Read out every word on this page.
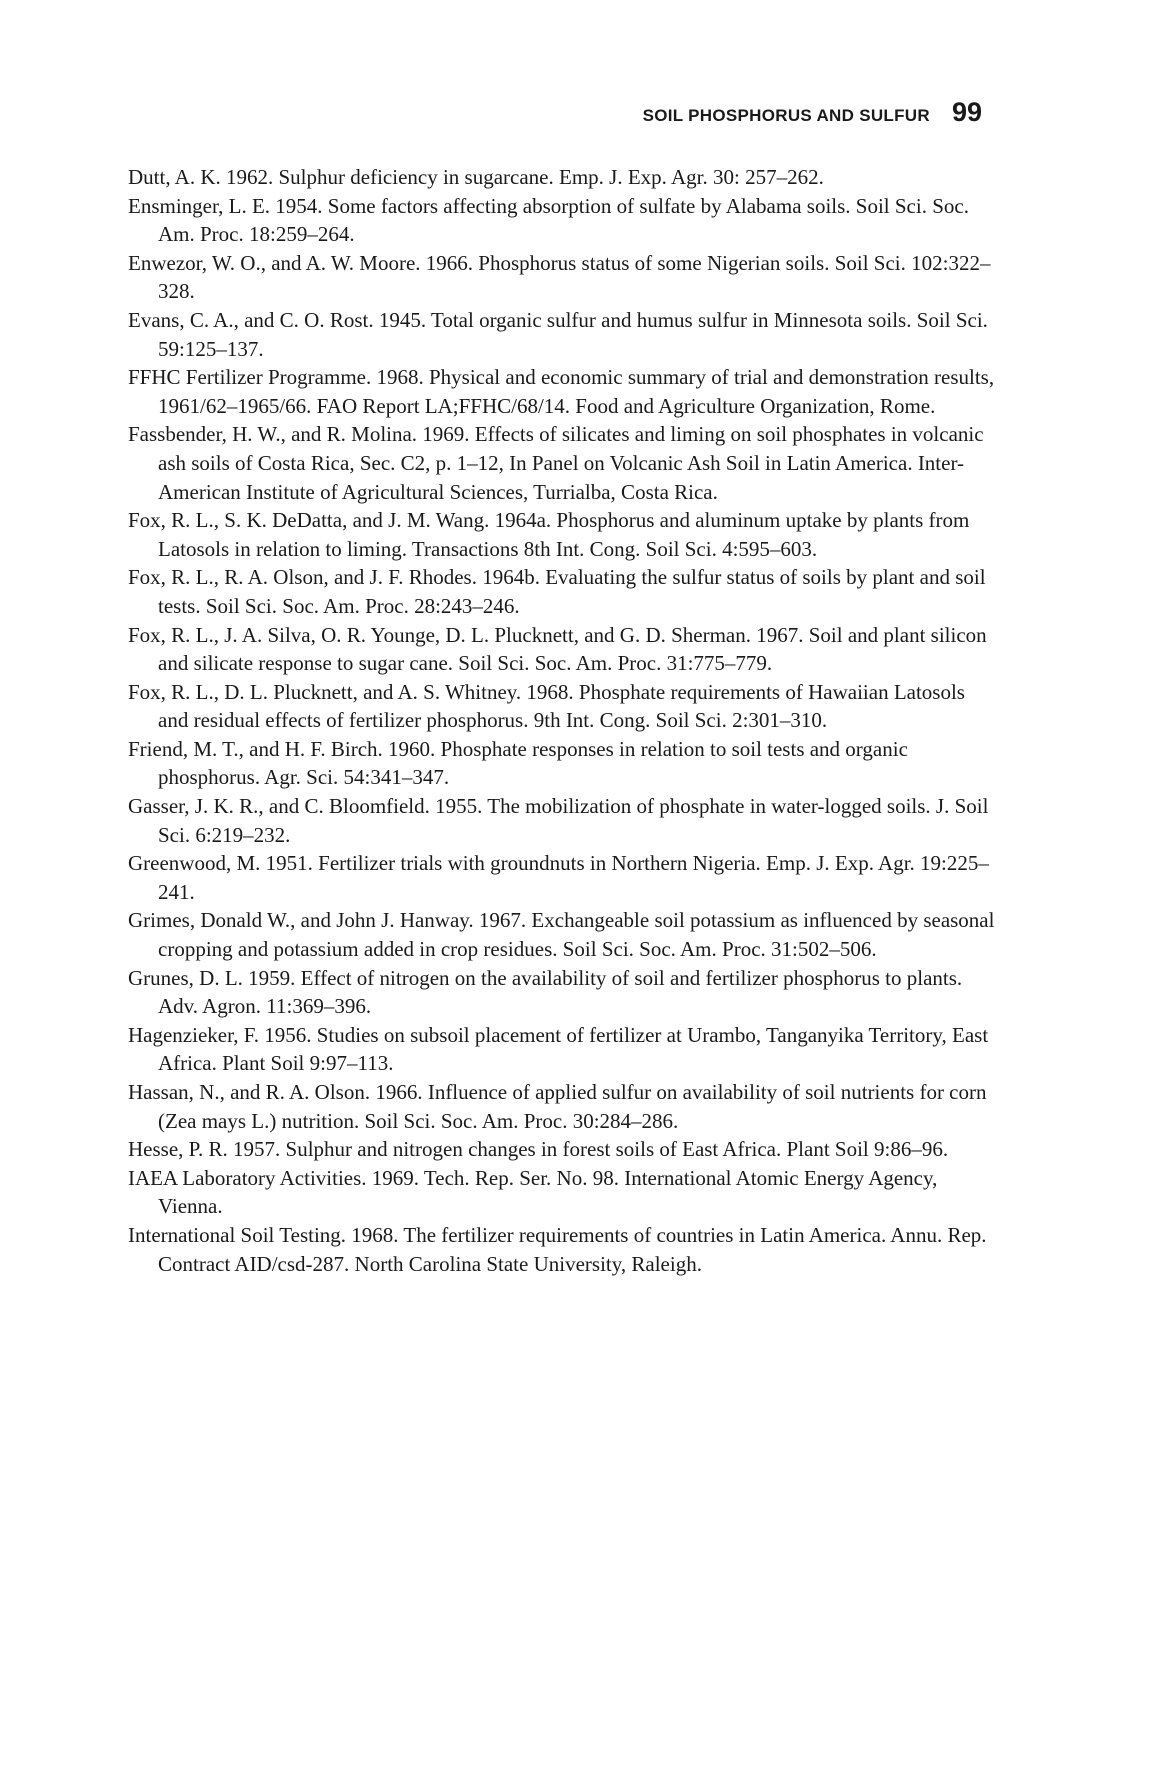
SOIL PHOSPHORUS AND SULFUR 99
Dutt, A. K. 1962. Sulphur deficiency in sugarcane. Emp. J. Exp. Agr. 30: 257–262.
Ensminger, L. E. 1954. Some factors affecting absorption of sulfate by Alabama soils. Soil Sci. Soc. Am. Proc. 18:259–264.
Enwezor, W. O., and A. W. Moore. 1966. Phosphorus status of some Nigerian soils. Soil Sci. 102:322–328.
Evans, C. A., and C. O. Rost. 1945. Total organic sulfur and humus sulfur in Minnesota soils. Soil Sci. 59:125–137.
FFHC Fertilizer Programme. 1968. Physical and economic summary of trial and demonstration results, 1961/62–1965/66. FAO Report LA;FFHC/68/14. Food and Agriculture Organization, Rome.
Fassbender, H. W., and R. Molina. 1969. Effects of silicates and liming on soil phosphates in volcanic ash soils of Costa Rica, Sec. C2, p. 1–12, In Panel on Volcanic Ash Soil in Latin America. Inter-American Institute of Agricultural Sciences, Turrialba, Costa Rica.
Fox, R. L., S. K. DeDatta, and J. M. Wang. 1964a. Phosphorus and aluminum uptake by plants from Latosols in relation to liming. Transactions 8th Int. Cong. Soil Sci. 4:595–603.
Fox, R. L., R. A. Olson, and J. F. Rhodes. 1964b. Evaluating the sulfur status of soils by plant and soil tests. Soil Sci. Soc. Am. Proc. 28:243–246.
Fox, R. L., J. A. Silva, O. R. Younge, D. L. Plucknett, and G. D. Sherman. 1967. Soil and plant silicon and silicate response to sugar cane. Soil Sci. Soc. Am. Proc. 31:775–779.
Fox, R. L., D. L. Plucknett, and A. S. Whitney. 1968. Phosphate requirements of Hawaiian Latosols and residual effects of fertilizer phosphorus. 9th Int. Cong. Soil Sci. 2:301–310.
Friend, M. T., and H. F. Birch. 1960. Phosphate responses in relation to soil tests and organic phosphorus. Agr. Sci. 54:341–347.
Gasser, J. K. R., and C. Bloomfield. 1955. The mobilization of phosphate in water-logged soils. J. Soil Sci. 6:219–232.
Greenwood, M. 1951. Fertilizer trials with groundnuts in Northern Nigeria. Emp. J. Exp. Agr. 19:225–241.
Grimes, Donald W., and John J. Hanway. 1967. Exchangeable soil potassium as influenced by seasonal cropping and potassium added in crop residues. Soil Sci. Soc. Am. Proc. 31:502–506.
Grunes, D. L. 1959. Effect of nitrogen on the availability of soil and fertilizer phosphorus to plants. Adv. Agron. 11:369–396.
Hagenzieker, F. 1956. Studies on subsoil placement of fertilizer at Urambo, Tanganyika Territory, East Africa. Plant Soil 9:97–113.
Hassan, N., and R. A. Olson. 1966. Influence of applied sulfur on availability of soil nutrients for corn (Zea mays L.) nutrition. Soil Sci. Soc. Am. Proc. 30:284–286.
Hesse, P. R. 1957. Sulphur and nitrogen changes in forest soils of East Africa. Plant Soil 9:86–96.
IAEA Laboratory Activities. 1969. Tech. Rep. Ser. No. 98. International Atomic Energy Agency, Vienna.
International Soil Testing. 1968. The fertilizer requirements of countries in Latin America. Annu. Rep. Contract AID/csd-287. North Carolina State University, Raleigh.
